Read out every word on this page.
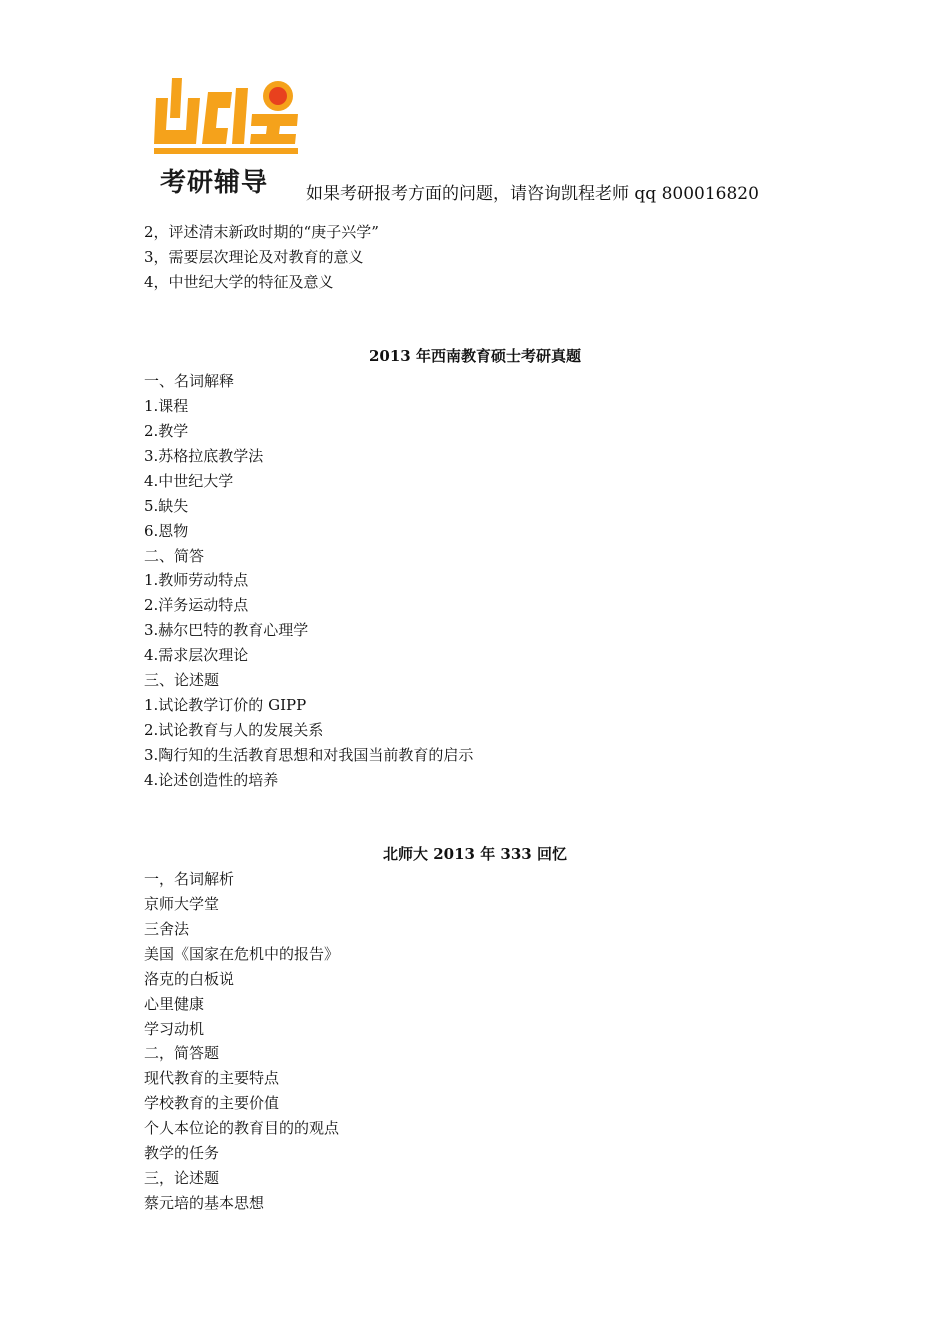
考研辅导 如果考研报考方面的问题，请咨询凯程老师 qq 800016820
2，评述清末新政时期的“庚子兴学”
3，需要层次理论及对教育的意义
4，中世纪大学的特征及意义
2013 年西南教育硕士考研真题
一、名词解释
1.课程
2.教学
3.苏格拉底教学法
4.中世纪大学
5.缺失
6.恩物
二、简答
1.教师劳动特点
2.洋务运动特点
3.赫尔巴特的教育心理学
4.需求层次理论
三、论述题
1.试论教学订价的 GIPP
2.试论教育与人的发展关系
3.陶行知的生活教育思想和对我国当前教育的启示
4.论述创造性的培养
北师大 2013 年 333 回忆
一，名词解析
京师大学堂
三舍法
美国《国家在危机中的报告》
洛克的白板说
心里健康
学习动机
二，简答题
现代教育的主要特点
学校教育的主要价值
个人本位论的教育目的的观点
教学的任务
三，论述题
蔡元培的基本思想
